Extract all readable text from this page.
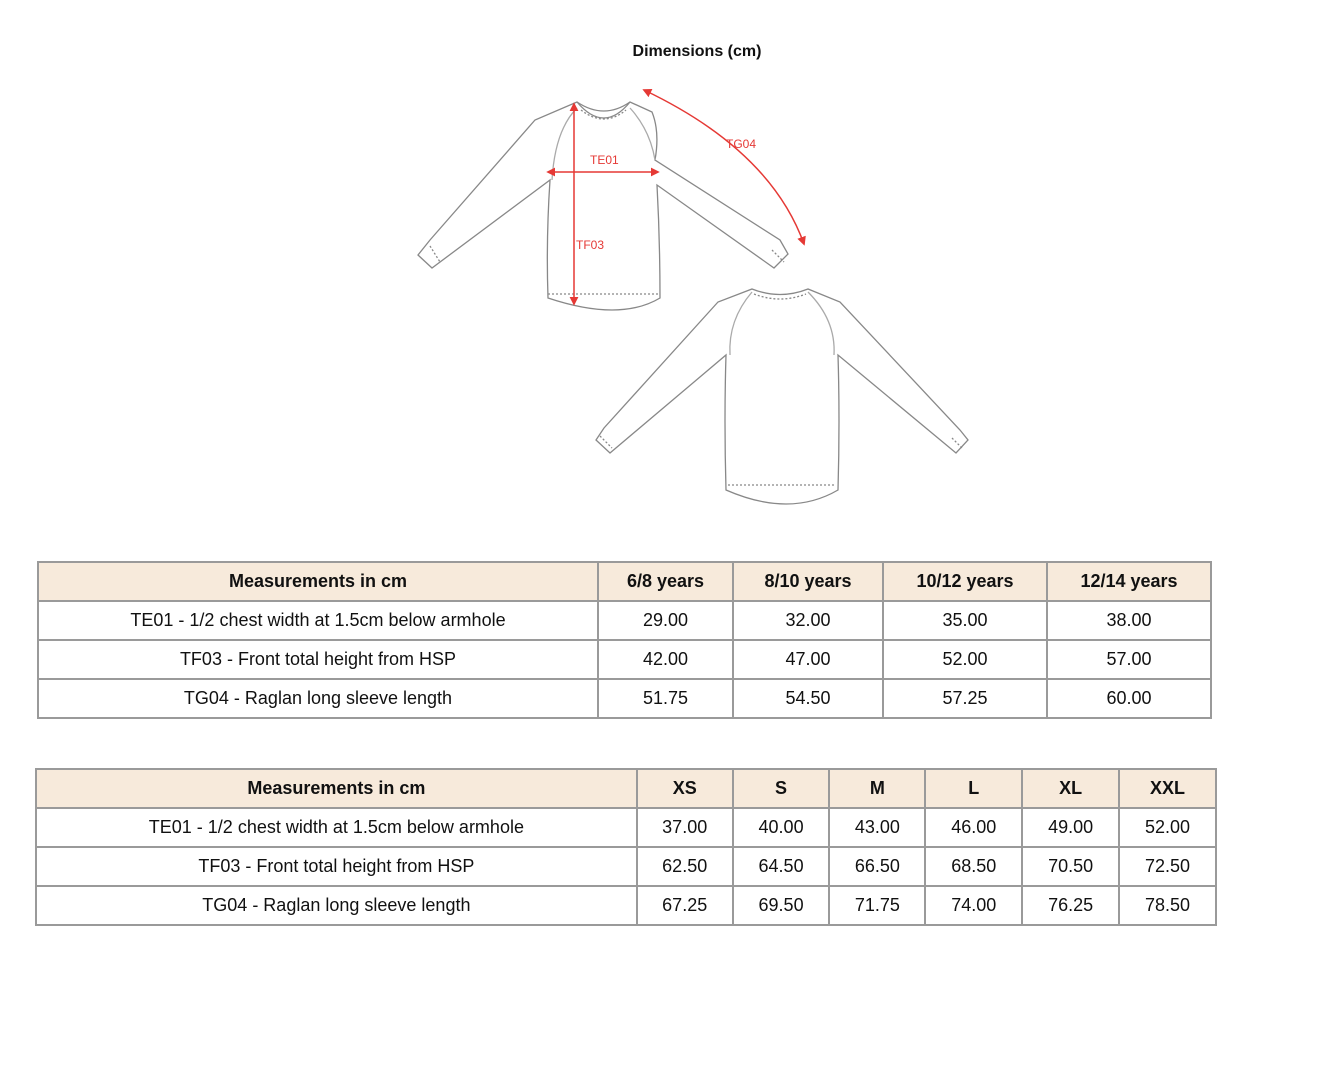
Dimensions (cm)
TE01
TF03
TG04
Measurements in cm	6/8 years	8/10 years	10/12 years	12/14 years
TE01 - 1/2 chest width at 1.5cm below armhole	29.00	32.00	35.00	38.00
TF03 - Front total height from HSP	42.00	47.00	52.00	57.00
TG04 - Raglan long sleeve length	51.75	54.50	57.25	60.00
Measurements in cm	XS	S	M	L	XL	XXL
TE01 - 1/2 chest width at 1.5cm below armhole	37.00	40.00	43.00	46.00	49.00	52.00
TF03 - Front total height from HSP	62.50	64.50	66.50	68.50	70.50	72.50
TG04 - Raglan long sleeve length	67.25	69.50	71.75	74.00	76.25	78.50
